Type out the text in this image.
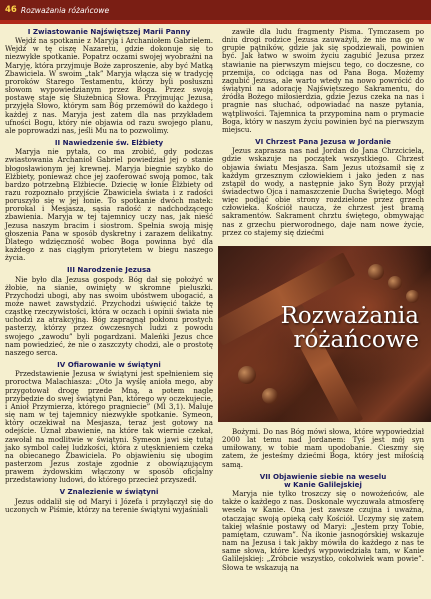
46 Rozważania różańcowe
I Zwiastowanie Najświętszej Marii Panny

Wejdź na spotkanie z Maryją i Archaniołem Gabrielem. Wejdź w tę ciszę Nazaretu, gdzie dokonuje się to niezwykłe spotkanie. Popatrz oczami swojej wyobraźni na Maryję, która przyjmuje Boże zaproszenie, aby być Matką Zbawiciela. W swoim „tak” Maryja włącza się w tradycję proroków Starego Testamentu, którzy byli posłuszni słowom wypowiedzianym przez Boga. Przez swoją postawę staje się Służebnicą Słowa. Przyjmując Jezusa, przyjęła Słowo, którym sam Bóg przemówił do każdego i każdej z nas. Maryja jest zatem dla nas przykładem ufności Bogu, który nie objawia od razu swojego planu, ale poprowadzi nas, jeśli Mu na to pozwolimy.

II Nawiedzenie św. Elżbiety

Maryja nie pytała, co ma zrobić, gdy podczas zwiastowania Archanioł Gabriel powiedział jej o stanie błogosławionym jej krewnej. Maryja biegnie szybko do Elżbiety, ponieważ chce jej zaoferować swoją pomoc, tak bardzo potrzebną Elżbiecie. Dziecię w łonie Elżbiety od razu rozpoznało przyjście Zbawiciela świata i z radości poruszyło się w jej łonie. To spotkanie dwóch matek: prorokal i Mesjasza, sąsia radość z nadchodzącego zbawienia. Maryja w tej tajemnicy uczy nas, jak nieść Jezusa naszym bracim i siostrom. Spełnia swoją misję głoszenia Pana w sposób dyskretny i zarazem delikatny. Dlatego wdzięczność wobec Boga powinna być dla każdego z nas ciągłym priorytetem w biegu naszego życia.

III Narodzenie Jezusa

Nie było dla Jezusa gospody. Bóg dał się położyć w żłobie, na sianie, owinięty w skromne pieluszki. Przychodzi ubogi, aby nas swoim ubóstwem ubogacić, a może nawet zawstydzić. Przychodzi uświęcić także tę cząstkę rzeczywistości, która w oczach i opinii świata nie uchodzi za atrakcyjną. Bóg zapragnął pokłonu prostych pasterzy, którzy przez ówczesnych ludzi z powodu swojego „zawodu” byli pogardzani. Maleńki Jezus chce nam powiedzieć, że nie o zaszczyty chodzi, ale o prostotę naszego serca.

IV Ofiarowanie w świątyni

Przedstawienie Jezusa w świątyni jest spełnieniem się proroctwa Malachiasza: „Oto Ja wyślę anioła mego, aby przygotował drogę przede Mną, a potem nagle przybędzie do swej świątyni Pan, którego wy oczekujecie, i Anioł Przymierza, którego pragniecie” (Ml 3,1). Maluje się nam w tej tajemnicy niezwykłe spotkanie. Symeon, który oczekiwał na Mesjasza, teraz jest gotowy na odejście. Uznał zbawienie, na które tak wiernie czekał, zawołał na modlitwie w świątyni. Symeon jawi się tutaj jako symbol całej ludzkości, która z utęsknieniem czeka na obiecanego Zbawiciela. Po objawieniu się ubogim pasterzom Jezus zostaje zgodnie z obowiązującym prawem żydowskim włączony w sposób oficjalny przedstawiony ludowi, do którego przecież przyszedł.

V Znalezienie w świątyni

Jezus oddalił się od Maryi i Józefa i przyłączył się do uczonych w Piśmie, którzy na terenie świątyni wyjaśniali

zawiłe dla ludu fragmenty Pisma. Tymczasem po dniu drogi rodzice Jezusa zauważyli, że nie ma go w grupie pątników, gdzie jak się spodziewali, powinien być. Jak łatwo w swoim życiu zagubić Jezusa przez stawianie na pierwszym miejscu tego, co doczesne, co przemija, co odciąga nas od Pana Boga. Możemy zagubić Jezusa, ale warto wtedy na nowo powrócić do świątyni na adorację Najświętszego Sakramentu, do źródła Bożego miłosierdzia, gdzie Jezus czeka na nas i pragnie nas słuchać, odpowiadać na nasze pytania, wątpliwości. Tajemnica ta przypomina nam o prymacie Boga, który w naszym życiu powinien być na pierwszym miejscu.

VI Chrzest Pana Jezusa w Jordanie

Jezus zaprasza nas nad Jordan do Jana Chrzciciela, gdzie wskazuje na początek wszystkiego. Chrzest objawia światu Mesjasza. Sam Jezus utożsamił się z każdym grzesznym człowiekiem i jako jeden z nas zstąpił do wody, a następnie jako Syn Boży przyjął świadectwo Ojca i namaszczenie Ducha Świętego. Mógł więc podjąć obie strony rozdzielone przez grzech człowieka. Kościół naucza, że chrzest jest bramą sakramentów. Sakrament chrztu świętego, obmywając nas z grzechu pierworodnego, daje nam nowe życie, przez co stajemy się dziećmi

Rozważania
różańcowe

Bożymi. Do nas Bóg mówi słowa, które wypowiedział 2000 lat temu nad Jordanem: Tyś jest mój syn umiłowany, w tobie mam upodobanie. Cieszmy się zatem, że jesteśmy dziećmi Boga, który jest miłością samą.

VII Objawienie siebie na weselu
w Kanie Galilejskiej

Maryja nie tylko troszczy się o nowożeńców, ale także o każdego z nas. Doskonale wyczuwała atmosferę wesela w Kanie. Ona jest zawsze czujna i uważna, otaczając swoją opieką cały Kościół. Uczymy się zatem takiej właśnie postawy od Maryi: „Jestem przy Tobie, pamiętam, czuwam”. Na ikonie jasnogórskiej wskazuje nam na Jezusa i tak jakby mówiła do każdego z nas te same słowa, które kiedyś wypowiedziała tam, w Kanie Galilejskiej: „Zróbcie wszystko, cokolwiek wam powie”. Słowa te wskazują na
